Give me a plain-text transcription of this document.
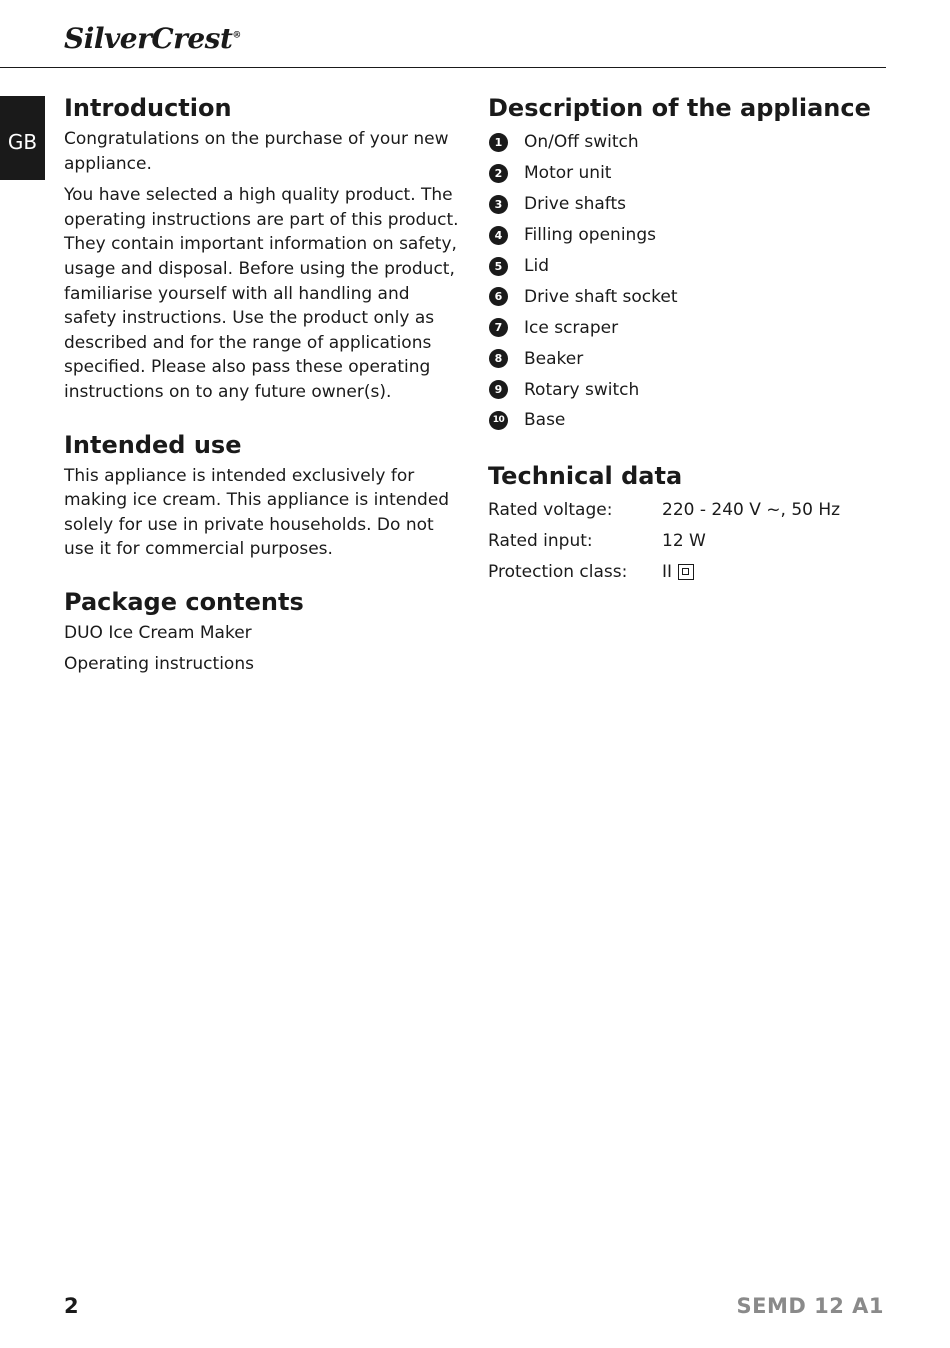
SilverCrest®
GB
Introduction

Congratulations on the purchase of your new appliance.

You have selected a high quality product. The operating instructions are part of this product. They contain important information on safety, usage and disposal. Before using the product, familiarise yourself with all handling and safety instructions. Use the product only as described and for the range of applications specified. Please also pass these operating instructions on to any future owner(s).

Intended use

This appliance is intended exclusively for making ice cream. This appliance is intended solely for use in private households. Do not use it for commercial purposes.

Package contents
DUO Ice Cream Maker
Operating instructions
Description of the appliance
1	On/Off switch
2	Motor unit
3	Drive shafts
4	Filling openings
5	Lid
6	Drive shaft socket
7	Ice scraper
8	Beaker
9	Rotary switch
10 Base
Technical data
Rated voltage:	220 - 240 V ~, 50 Hz
Rated input:	12 W
Protection class:	II
2	SEMD 12 A1
